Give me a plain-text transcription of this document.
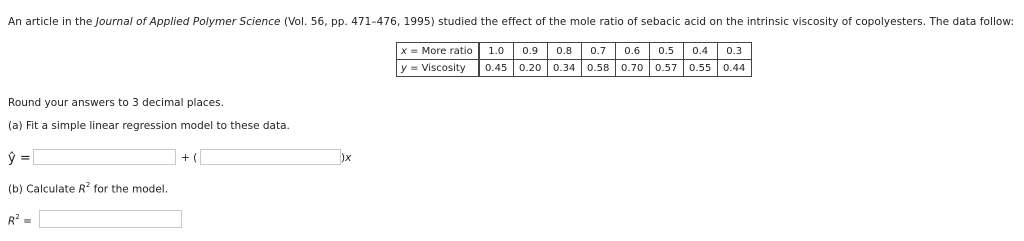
An article in the Journal of Applied Polymer Science (Vol. 56, pp. 471–476, 1995) studied the effect of the mole ratio of sebacic acid on the intrinsic viscosity of copolyesters. The data follow:
x = More ratio	1.0	0.9	0.8	0.7	0.6	0.5	0.4	0.3
y = Viscosity	0.45	0.20	0.34	0.58	0.70	0.57	0.55	0.44
Round your answers to 3 decimal places.
(a) Fit a simple linear regression model to these data.
ŷ =	+ (	)x
(b) Calculate $R^2$ for the model.
$R^2$ =
